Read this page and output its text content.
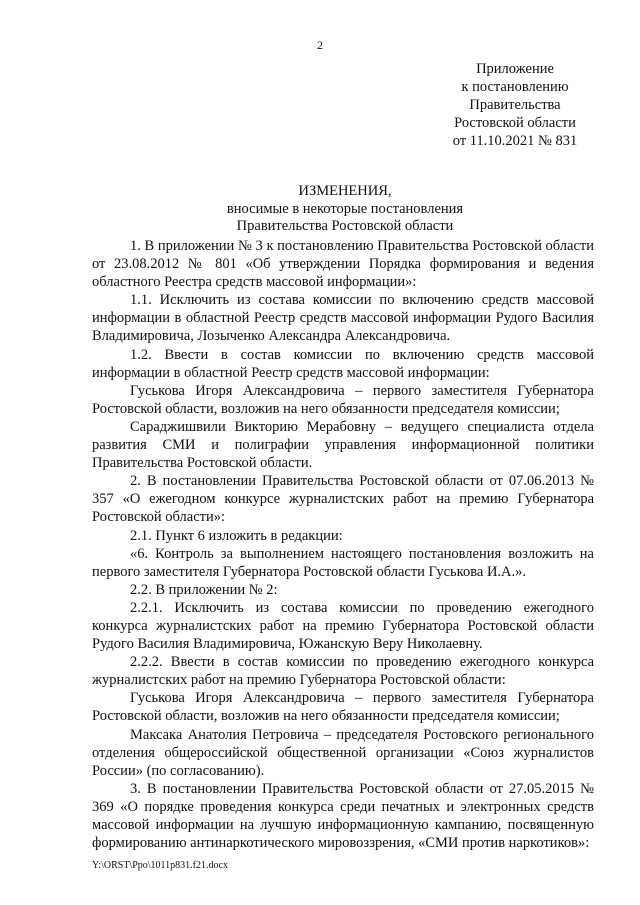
2
Приложение
к постановлению
Правительства
Ростовской области
от 11.10.2021 № 831
ИЗМЕНЕНИЯ,
вносимые в некоторые постановления
Правительства Ростовской области

1. В приложении № 3 к постановлению Правительства Ростовской области от 23.08.2012 № 801 «Об утверждении Порядка формирования и ведения областного Реестра средств массовой информации»:

1.1. Исключить из состава комиссии по включению средств массовой информации в областной Реестр средств массовой информации Рудого Василия Владимировича, Лозыченко Александра Александровича.

1.2. Ввести в состав комиссии по включению средств массовой информации в областной Реестр средств массовой информации:

Гуськова Игоря Александровича – первого заместителя Губернатора Ростовской области, возложив на него обязанности председателя комиссии;

Сараджишвили Викторию Мерабовну – ведущего специалиста отдела развития СМИ и полиграфии управления информационной политики Правительства Ростовской области.

2. В постановлении Правительства Ростовской области от 07.06.2013 № 357 «О ежегодном конкурсе журналистских работ на премию Губернатора Ростовской области»:

2.1. Пункт 6 изложить в редакции:

«6. Контроль за выполнением настоящего постановления возложить на первого заместителя Губернатора Ростовской области Гуськова И.А.».

2.2. В приложении № 2:

2.2.1. Исключить из состава комиссии по проведению ежегодного конкурса журналистских работ на премию Губернатора Ростовской области Рудого Василия Владимировича, Южанскую Веру Николаевну.

2.2.2. Ввести в состав комиссии по проведению ежегодного конкурса журналистских работ на премию Губернатора Ростовской области:

Гуськова Игоря Александровича – первого заместителя Губернатора Ростовской области, возложив на него обязанности председателя комиссии;

Максака Анатолия Петровича – председателя Ростовского регионального отделения общероссийской общественной организации «Союз журналистов России» (по согласованию).

3. В постановлении Правительства Ростовской области от 27.05.2015 № 369 «О порядке проведения конкурса среди печатных и электронных средств массовой информации на лучшую информационную кампанию, посвященную формированию антинаркотического мировоззрения, «СМИ против наркотиков»:

Y:\ORST\Ppo\1011p831.f21.docx
